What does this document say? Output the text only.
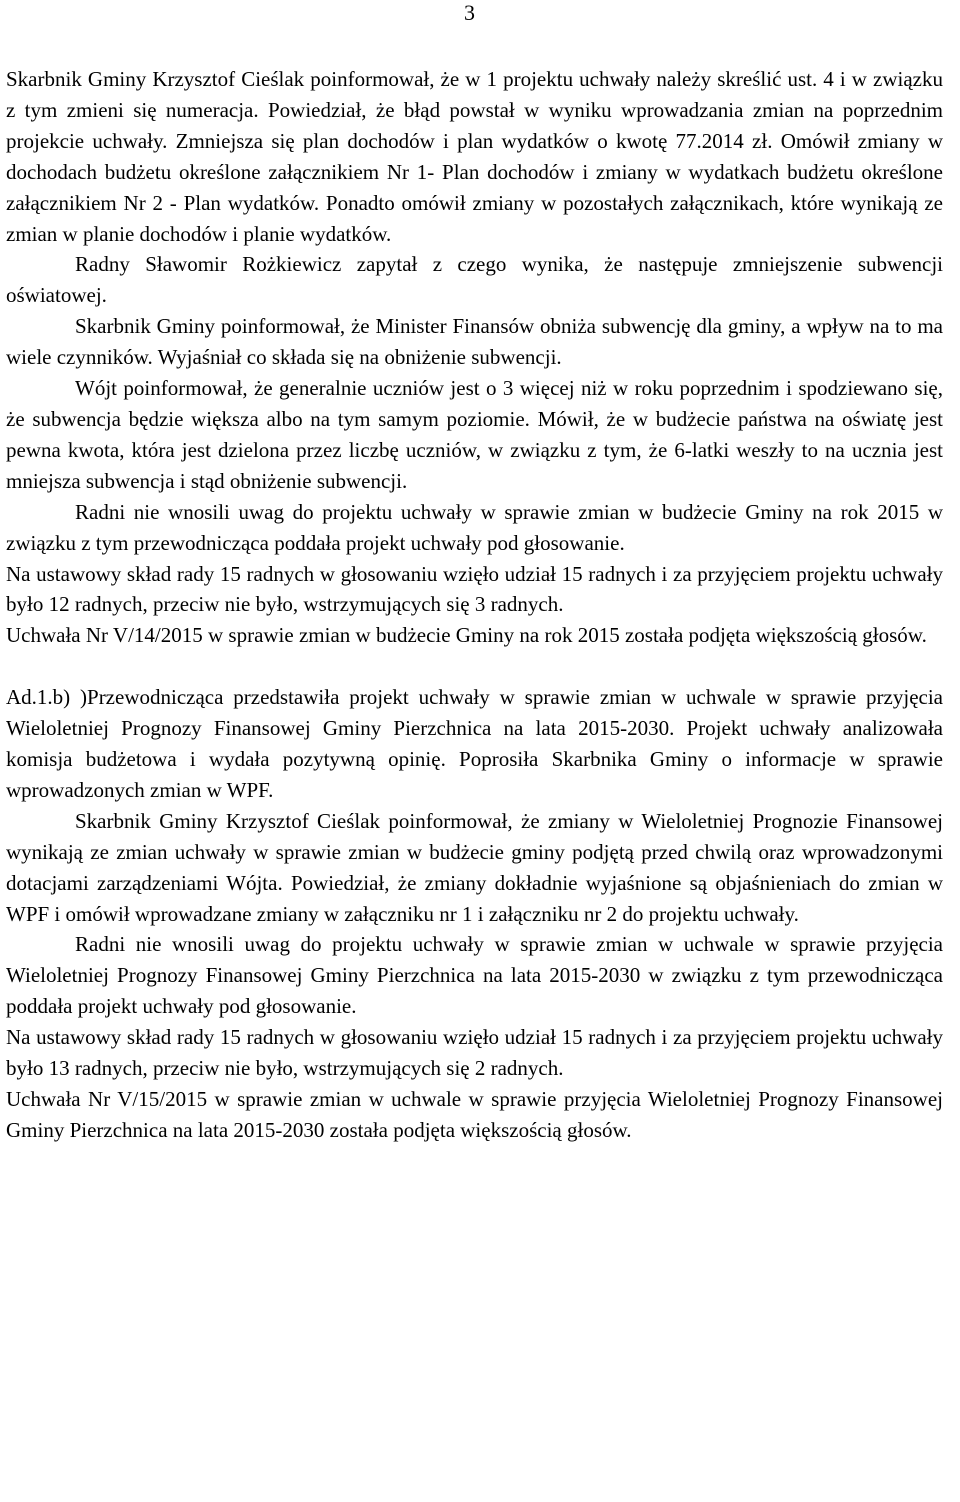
3

Skarbnik Gminy Krzysztof Cieślak poinformował, że w 1 projektu uchwały należy skreślić ust. 4 i w związku z tym zmieni się numeracja. Powiedział, że błąd powstał w wyniku wprowadzania zmian na poprzednim projekcie uchwały. Zmniejsza się plan dochodów i plan wydatków o kwotę 77.2014 zł. Omówił zmiany w dochodach budżetu określone załącznikiem Nr 1- Plan dochodów i zmiany w wydatkach budżetu określone załącznikiem Nr 2 - Plan wydatków. Ponadto omówił zmiany w pozostałych załącznikach, które wynikają ze zmian w planie dochodów i planie wydatków.

Radny Sławomir Rożkiewicz zapytał z czego wynika, że następuje zmniejszenie subwencji oświatowej.

Skarbnik Gminy poinformował, że Minister Finansów obniża subwencję dla gminy, a wpływ na to ma wiele czynników. Wyjaśniał co składa się na obniżenie subwencji.

Wójt poinformował, że generalnie uczniów jest o 3 więcej niż w roku poprzednim i spodziewano się, że subwencja będzie większa albo na tym samym poziomie. Mówił, że w budżecie państwa na oświatę jest pewna kwota, która jest dzielona przez liczbę uczniów, w związku z tym, że 6-latki weszły to na ucznia jest mniejsza subwencja i stąd obniżenie subwencji.

Radni nie wnosili uwag do projektu uchwały w sprawie zmian w budżecie Gminy na rok 2015 w związku z tym przewodnicząca poddała projekt uchwały pod głosowanie.

Na ustawowy skład rady 15 radnych w głosowaniu wzięło udział 15 radnych i za przyjęciem projektu uchwały było 12 radnych, przeciw nie było, wstrzymujących się 3 radnych.

Uchwała Nr V/14/2015 w sprawie zmian w budżecie Gminy na rok 2015 została podjęta większością głosów.

Ad.1.b) )Przewodnicząca przedstawiła projekt uchwały w sprawie zmian w uchwale w sprawie przyjęcia Wieloletniej Prognozy Finansowej Gminy Pierzchnica na lata 2015-2030. Projekt uchwały analizowała komisja budżetowa i wydała pozytywną opinię. Poprosiła Skarbnika Gminy o informacje w sprawie wprowadzonych zmian w WPF.

Skarbnik Gminy Krzysztof Cieślak poinformował, że zmiany w Wieloletniej Prognozie Finansowej wynikają ze zmian uchwały w sprawie zmian w budżecie gminy podjętą przed chwilą oraz wprowadzonymi dotacjami zarządzeniami Wójta. Powiedział, że zmiany dokładnie wyjaśnione są objaśnieniach do zmian w WPF i omówił wprowadzane zmiany w załączniku nr 1 i załączniku nr 2 do projektu uchwały.

Radni nie wnosili uwag do projektu uchwały w sprawie zmian w uchwale w sprawie przyjęcia Wieloletniej Prognozy Finansowej Gminy Pierzchnica na lata 2015-2030 w związku z tym przewodnicząca poddała projekt uchwały pod głosowanie.

Na ustawowy skład rady 15 radnych w głosowaniu wzięło udział 15 radnych i za przyjęciem projektu uchwały było 13 radnych, przeciw nie było, wstrzymujących się 2 radnych.

Uchwała Nr V/15/2015 w sprawie zmian w uchwale w sprawie przyjęcia Wieloletniej Prognozy Finansowej Gminy Pierzchnica na lata 2015-2030 została podjęta większością głosów.
